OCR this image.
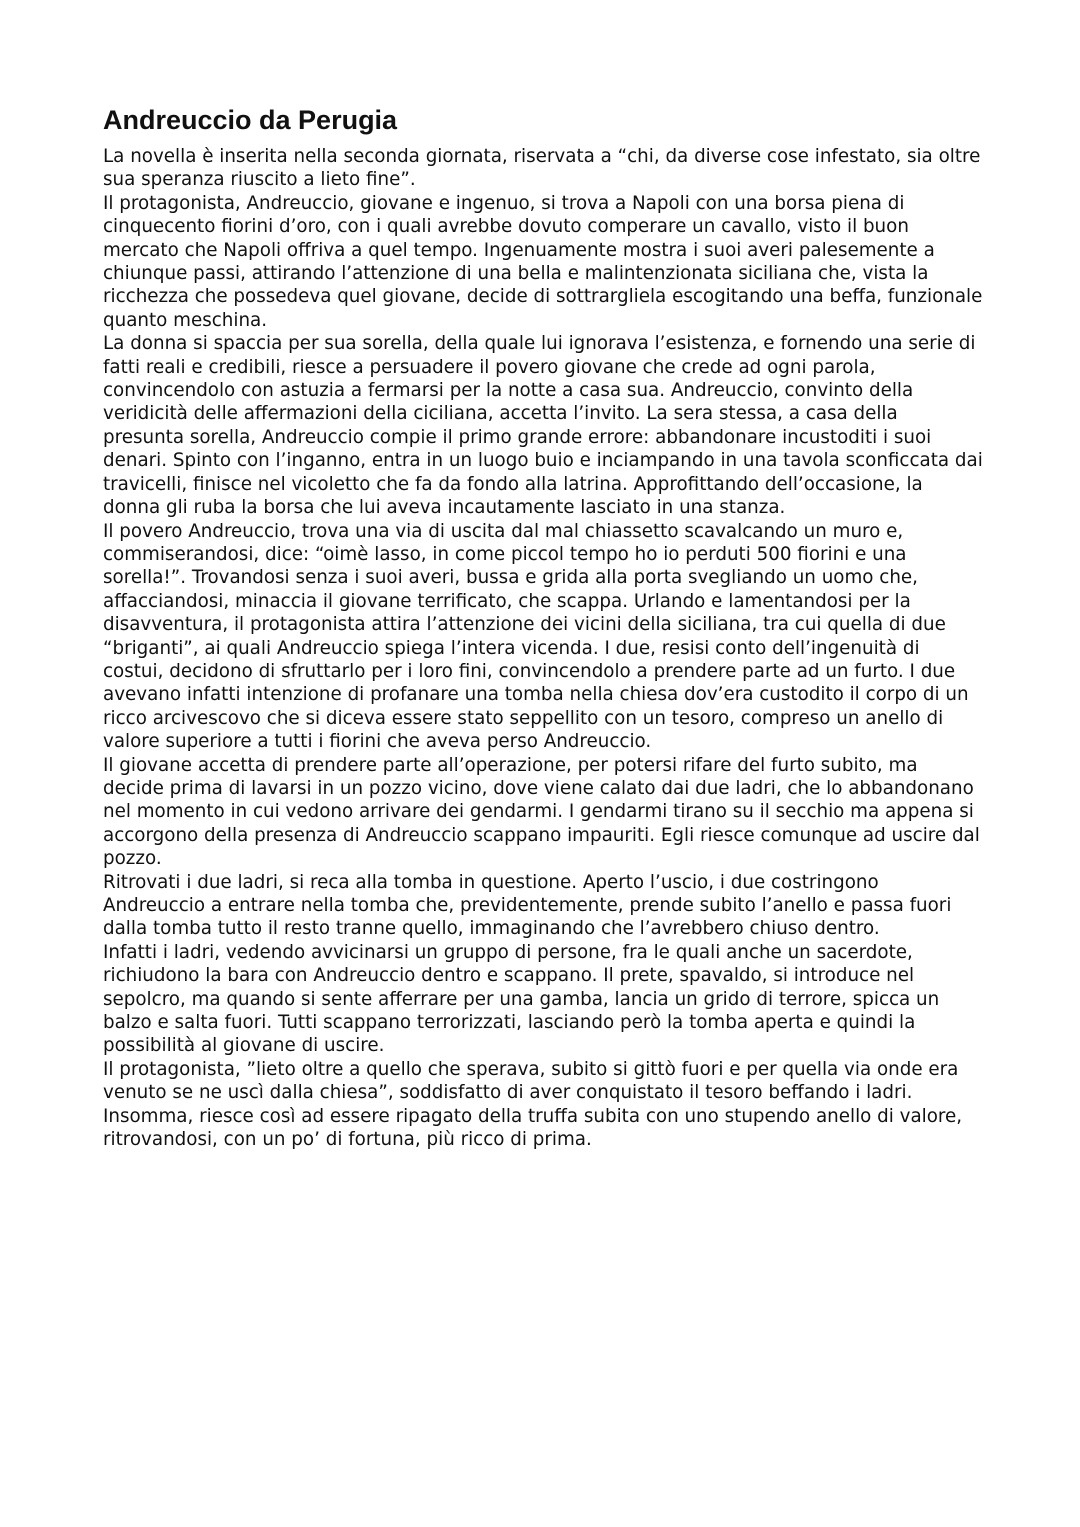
Andreuccio da Perugia

La novella è inserita nella seconda giornata, riservata a “chi, da diverse cose infestato, sia oltre sua speranza riuscito a lieto fine”.

Il protagonista, Andreuccio, giovane e ingenuo, si trova a Napoli con una borsa piena di cinquecento fiorini d’oro, con i quali avrebbe dovuto comperare un cavallo, visto il buon mercato che Napoli offriva a quel tempo. Ingenuamente mostra i suoi averi palesemente a chiunque passi, attirando l’attenzione di una bella e malintenzionata siciliana che, vista la ricchezza che possedeva quel giovane, decide di sottrargliela escogitando una beffa, funzionale quanto meschina.

La donna si spaccia per sua sorella, della quale lui ignorava l’esistenza, e fornendo una serie di fatti reali e credibili, riesce a persuadere il povero giovane che crede ad ogni parola, convincendolo con astuzia a fermarsi per la notte a casa sua. Andreuccio, convinto della veridicità delle affermazioni della ciciliana, accetta l’invito. La sera stessa, a casa della presunta sorella, Andreuccio compie il primo grande errore: abbandonare incustoditi i suoi denari. Spinto con l’inganno, entra in un luogo buio e inciampando in una tavola sconficcata dai travicelli, finisce nel vicoletto che fa da fondo alla latrina. Approfittando dell’occasione, la donna gli ruba la borsa che lui aveva incautamente lasciato in una stanza.

Il povero Andreuccio, trova una via di uscita dal mal chiassetto scavalcando un muro e, commiserandosi, dice: “oimè lasso, in come piccol tempo ho io perduti 500 fiorini e una sorella!”. Trovandosi senza i suoi averi, bussa e grida alla porta svegliando un uomo che, affacciandosi, minaccia il giovane terrificato, che scappa. Urlando e lamentandosi per la disavventura, il protagonista attira l’attenzione dei vicini della siciliana, tra cui quella di due “briganti”, ai quali Andreuccio spiega l’intera vicenda. I due, resisi conto dell’ingenuità di costui, decidono di sfruttarlo per i loro fini, convincendolo a prendere parte ad un furto. I due avevano infatti intenzione di profanare una tomba nella chiesa dov’era custodito il corpo di un ricco arcivescovo che si diceva essere stato seppellito con un tesoro, compreso un anello di valore superiore a tutti i fiorini che aveva perso Andreuccio.

Il giovane accetta di prendere parte all’operazione, per potersi rifare del furto subito, ma decide prima di lavarsi in un pozzo vicino, dove viene calato dai due ladri, che lo abbandonano nel momento in cui vedono arrivare dei gendarmi. I gendarmi tirano su il secchio ma appena si accorgono della presenza di Andreuccio scappano impauriti. Egli riesce comunque ad uscire dal pozzo.

Ritrovati i due ladri, si reca alla tomba in questione. Aperto l’uscio, i due costringono Andreuccio a entrare nella tomba che, previdentemente, prende subito l’anello e passa fuori dalla tomba tutto il resto tranne quello, immaginando che l’avrebbero chiuso dentro.

Infatti i ladri, vedendo avvicinarsi un gruppo di persone, fra le quali anche un sacerdote, richiudono la bara con Andreuccio dentro e scappano. Il prete, spavaldo, si introduce nel sepolcro, ma quando si sente afferrare per una gamba, lancia un grido di terrore, spicca un balzo e salta fuori. Tutti scappano terrorizzati, lasciando però la tomba aperta e quindi la possibilità al giovane di uscire.

Il protagonista, ”lieto oltre a quello che sperava, subito si gittò fuori e per quella via onde era venuto se ne uscì dalla chiesa”, soddisfatto di aver conquistato il tesoro beffando i ladri. Insomma, riesce così ad essere ripagato della truffa subita con uno stupendo anello di valore, ritrovandosi, con un po’ di fortuna, più ricco di prima.
